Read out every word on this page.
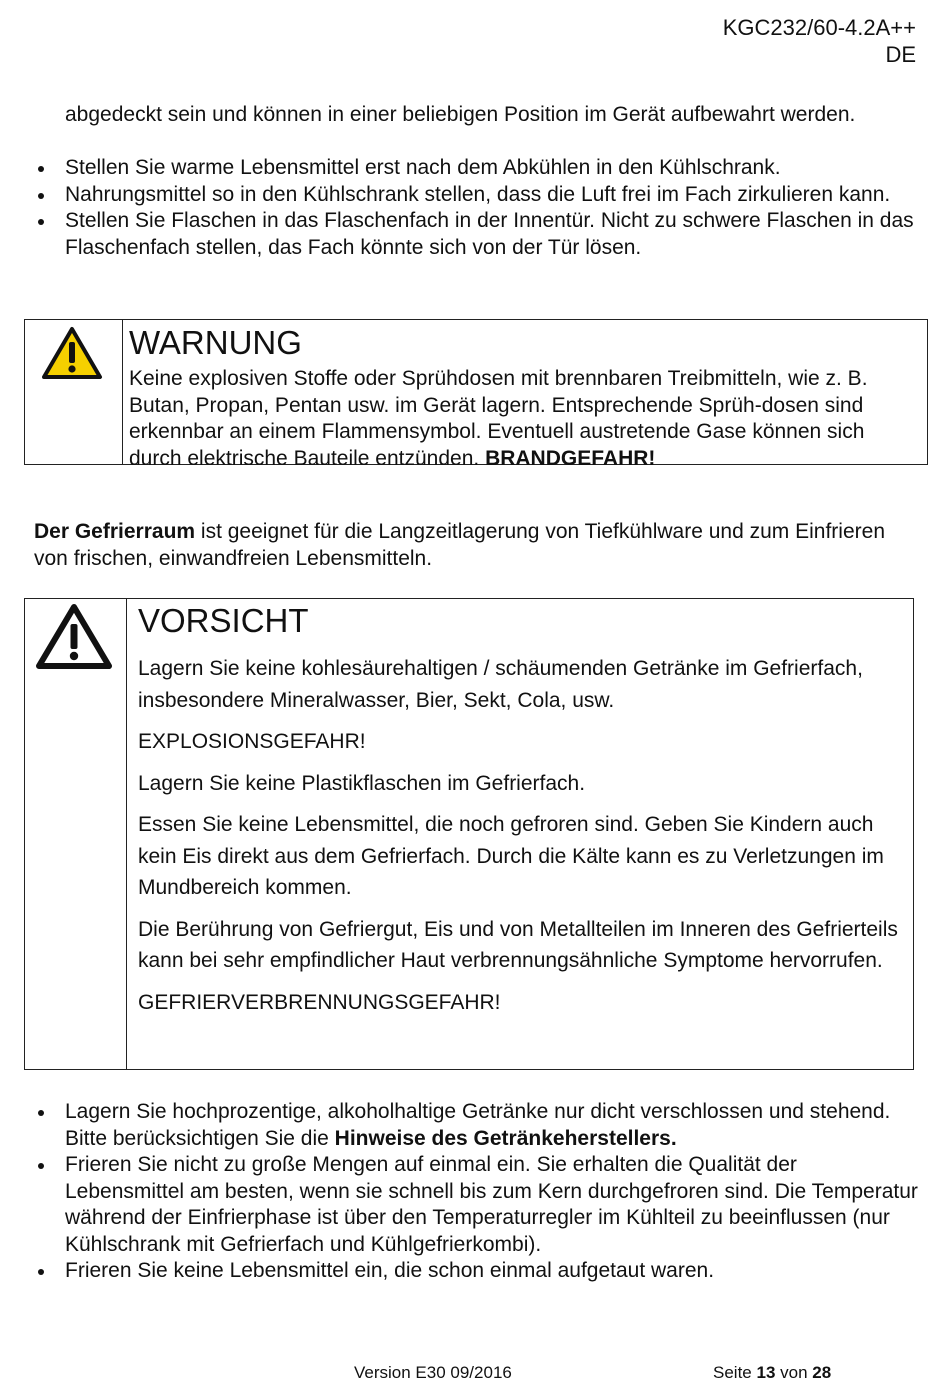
KGC232/60-4.2A++
DE

abgedeckt sein und können in einer beliebigen Position im Gerät aufbewahrt werden.

Stellen Sie warme Lebensmittel erst nach dem Abkühlen in den Kühlschrank.
Nahrungsmittel so in den Kühlschrank stellen, dass die Luft frei im Fach zirkulieren kann.
Stellen Sie Flaschen in das Flaschenfach in der Innentür. Nicht zu schwere Flaschen in das Flaschenfach stellen, das Fach könnte sich von der Tür lösen.
WARNUNG

Keine explosiven Stoffe oder Sprühdosen mit brennbaren Treibmitteln, wie z. B. Butan, Propan, Pentan usw. im Gerät lagern. Entsprechende Sprüh-dosen sind erkennbar an einem Flammensymbol. Eventuell austretende Gase können sich durch elektrische Bauteile entzünden. BRANDGEFAHR!

Der Gefrierraum ist geeignet für die Langzeitlagerung von Tiefkühlware und zum Einfrieren von frischen, einwandfreien Lebensmitteln.

VORSICHT

Lagern Sie keine kohlesäurehaltigen / schäumenden Getränke im Gefrierfach, insbesondere Mineralwasser, Bier, Sekt, Cola, usw.

EXPLOSIONSGEFAHR!

Lagern Sie keine Plastikflaschen im Gefrierfach.

Essen Sie keine Lebensmittel, die noch gefroren sind. Geben Sie Kindern auch kein Eis direkt aus dem Gefrierfach. Durch die Kälte kann es zu Verletzungen im Mundbereich kommen.

Die Berührung von Gefriergut, Eis und von Metallteilen im Inneren des Gefrierteils kann bei sehr empfindlicher Haut verbrennungsähnliche Symptome hervorrufen.

GEFRIERVERBRENNUNGSGEFAHR!

Lagern Sie hochprozentige, alkoholhaltige Getränke nur dicht verschlossen und stehend. Bitte berücksichtigen Sie die Hinweise des Getränkeherstellers.
Frieren Sie nicht zu große Mengen auf einmal ein. Sie erhalten die Qualität der Lebensmittel am besten, wenn sie schnell bis zum Kern durchgefroren sind. Die Temperatur während der Einfrierphase ist über den Temperaturregler im Kühlteil zu beeinflussen (nur Kühlschrank mit Gefrierfach und Kühlgefrierkombi).
Frieren Sie keine Lebensmittel ein, die schon einmal aufgetaut waren.
Version E30 09/2016	Seite 13 von 28
